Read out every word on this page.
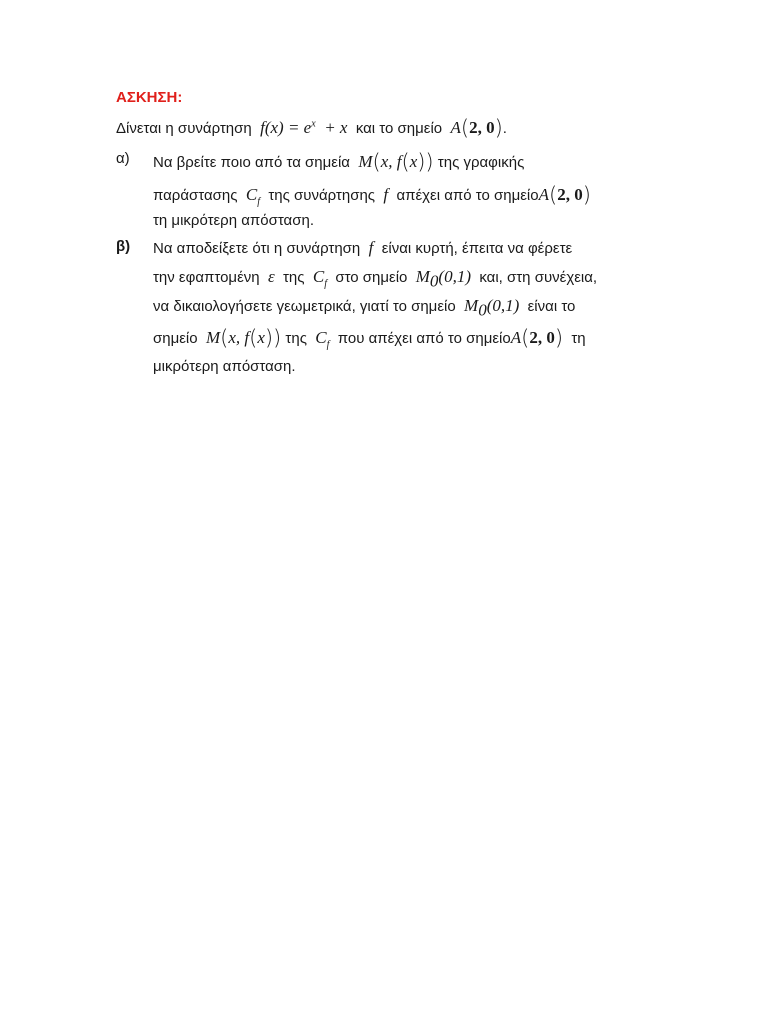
ΑΣΚΗΣΗ:
Δίνεται η συνάρτηση $f(x) = e^x + x$ και το σημείο A(2, 0).
α) Να βρείτε ποιο από τα σημεία M(x, f(x)) της γραφικής
παράστασης $C_f$ της συνάρτησης f απέχει από το σημείοA(2, 0)
τη μικρότερη απόσταση.
β) Να αποδείξετε ότι η συνάρτηση f είναι κυρτή, έπειτα να φέρετε
την εφαπτομένη ε της $C_f$ στο σημείο $M_0(0,1)$ και, στη συνέχεια,
να δικαιολογήσετε γεωμετρικά, γιατί το σημείο $M_0(0,1)$ είναι το
σημείο M(x, f(x)) της $C_f$ που απέχει από το σημείοA(2, 0) τη
μικρότερη απόσταση.
